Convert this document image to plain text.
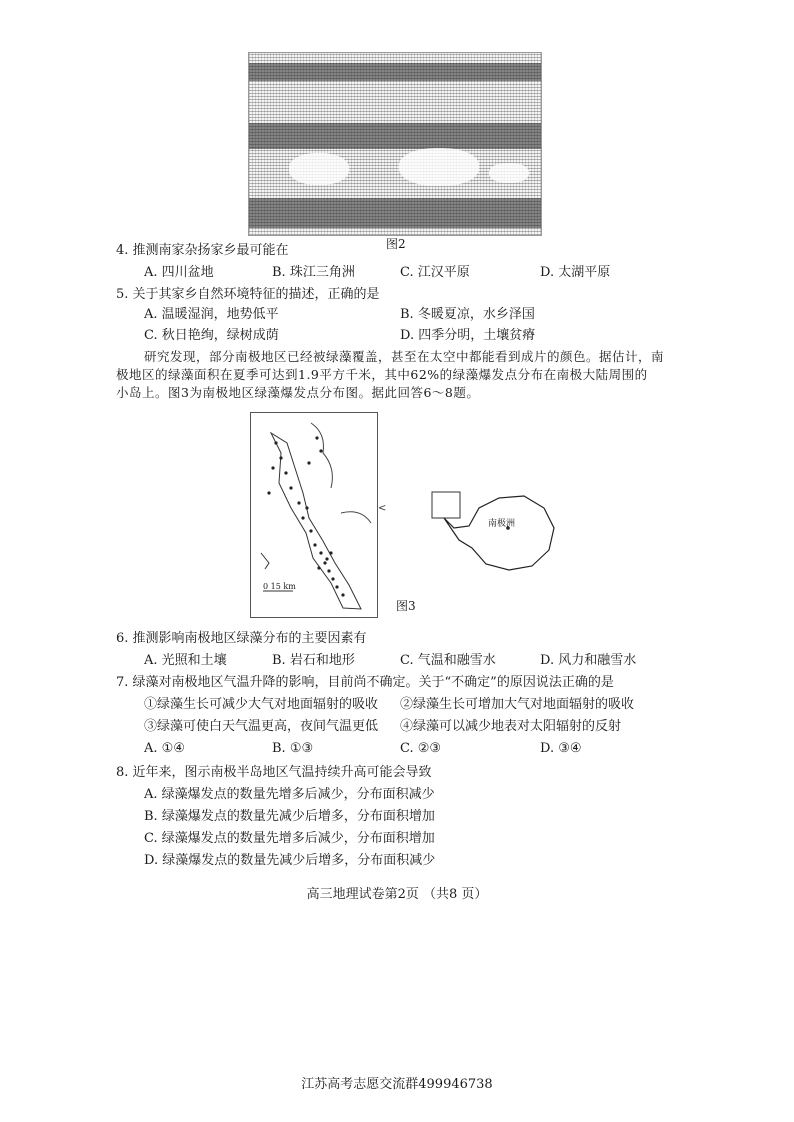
图2
4. 推测南家杂扬家乡最可能在
A. 四川盆地	B. 珠江三角洲	C. 江汉平原	D. 太湖平原
5. 关于其家乡自然环境特征的描述，正确的是
A. 温暖湿润，地势低平	B. 冬暖夏凉，水乡泽国
C. 秋日艳绚，绿树成荫	D. 四季分明，土壤贫瘠

研究发现，部分南极地区已经被绿藻覆盖，甚至在太空中都能看到成片的颜色。据估计，南

极地区的绿藻面积在夏季可达到1.9平方千米，其中62%的绿藻爆发点分布在南极大陆周围的

小岛上。图3为南极地区绿藻爆发点分布图。据此回答6～8题。

0 15 km
<
南极洲
图3
6. 推测影响南极地区绿藻分布的主要因素有
A. 光照和土壤	B. 岩石和地形	C. 气温和融雪水	D. 风力和融雪水
7. 绿藻对南极地区气温升降的影响，目前尚不确定。关于“不确定”的原因说法正确的是
①绿藻生长可减少大气对地面辐射的吸收 ②绿藻生长可增加大气对地面辐射的吸收
③绿藻可使白天气温更高，夜间气温更低 ④绿藻可以减少地表对太阳辐射的反射
A. ①④	B. ①③	C. ②③	D. ③④
8. 近年来，图示南极半岛地区气温持续升高可能会导致
A. 绿藻爆发点的数量先增多后减少，分布面积减少
B. 绿藻爆发点的数量先减少后增多，分布面积增加
C. 绿藻爆发点的数量先增多后减少，分布面积增加
D. 绿藻爆发点的数量先减少后增多，分布面积减少
高三地理试卷第2页 （共8 页）
江苏高考志愿交流群499946738
